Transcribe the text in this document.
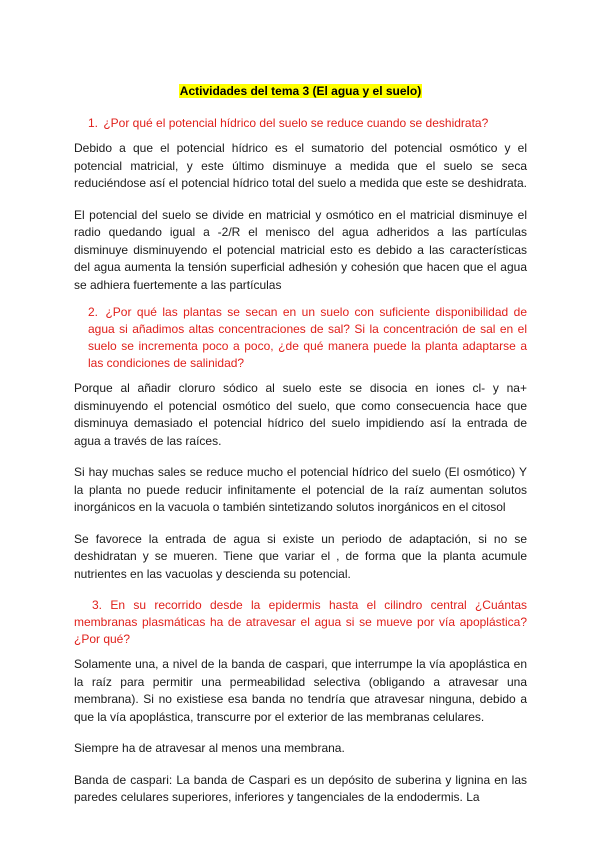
Actividades del tema 3 (El agua y el suelo)

1. ¿Por qué el potencial hídrico del suelo se reduce cuando se deshidrata?

Debido a que el potencial hídrico es el sumatorio del potencial osmótico y el potencial matricial, y este último disminuye a medida que el suelo se seca reduciéndose así el potencial hídrico total del suelo a medida que este se deshidrata.

El potencial del suelo se divide en matricial y osmótico en el matricial disminuye el radio quedando igual a -2/R el menisco del agua adheridos a las partículas disminuye disminuyendo el potencial matricial esto es debido a las características del agua aumenta la tensión superficial adhesión y cohesión que hacen que el agua se adhiera fuertemente a las partículas

2. ¿Por qué las plantas se secan en un suelo con suficiente disponibilidad de agua si añadimos altas concentraciones de sal? Si la concentración de sal en el suelo se incrementa poco a poco, ¿de qué manera puede la planta adaptarse a las condiciones de salinidad?

Porque al añadir cloruro sódico al suelo este se disocia en iones cl- y na+ disminuyendo el potencial osmótico del suelo, que como consecuencia hace que disminuya demasiado el potencial hídrico del suelo impidiendo así la entrada de agua a través de las raíces.

Si hay muchas sales se reduce mucho el potencial hídrico del suelo (El osmótico) Y la planta no puede reducir infinitamente el potencial de la raíz aumentan solutos inorgánicos en la vacuola o también sintetizando solutos inorgánicos en el citosol

Se favorece la entrada de agua si existe un periodo de adaptación, si no se deshidratan y se mueren. Tiene que variar el , de forma que la planta acumule nutrientes en las vacuolas y descienda su potencial.

3. En su recorrido desde la epidermis hasta el cilindro central ¿Cuántas membranas plasmáticas ha de atravesar el agua si se mueve por vía apoplástica? ¿Por qué?

Solamente una, a nivel de la banda de caspari, que interrumpe la vía apoplástica en la raíz para permitir una permeabilidad selectiva (obligando a atravesar una membrana). Si no existiese esa banda no tendría que atravesar ninguna, debido a que la vía apoplástica, transcurre por el exterior de las membranas celulares.

Siempre ha de atravesar al menos una membrana.

Banda de caspari: La banda de Caspari es un depósito de suberina y lignina en las paredes celulares superiores, inferiores y tangenciales de la endodermis. La
